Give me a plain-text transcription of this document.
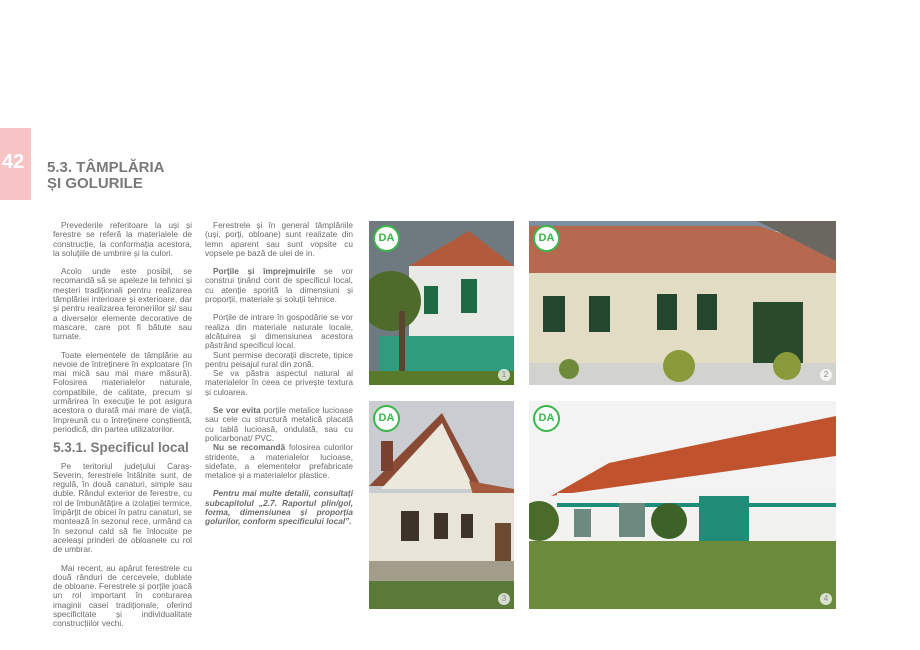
42 5.3. TÂMPLĂRIA
ȘI GOLURILE

Prevederile referitoare la uși și ferestre se referă la materialele de construcție, la conformația acestora, la soluțiile de umbrire și la culori.

Acolo unde este posibil, se recomandă să se apeleze la tehnici și meșteri tradiționali pentru realizarea tâmplăriei interioare și exterioare, dar și pentru realizarea feroneriilor și/ sau a diverselor elemente decorative de mascare, care pot fi bătute sau turnate.

Toate elementele de tâmplărie au nevoie de întreținere în exploatare (în mai mică sau mai mare măsură). Folosirea materialelor naturale, compatibile, de calitate, precum și urmărirea în execuție le pot asigura acestora o durată mai mare de viață, împreună cu o întreținere conștientă, periodică, din partea utilizatorilor.

5.3.1. Specificul local

Pe teritoriul județului Caraș-Severin, ferestrele întâlnite sunt, de regulă, în două canaturi, simple sau duble. Rândul exterior de ferestre, cu rol de îmbunătățire a izolației termice, împărțit de obicei în patru canaturi, se montează în sezonul rece, urmând ca în sezonul cald să fie înlocuite pe aceleași prinderi de obloanele cu rol de umbrar.

Mai recent, au apărut ferestrele cu două rânduri de cercevele, dublate de obloane. Ferestrele și porțile joacă un rol important în conturarea imaginii casei tradiționale, oferind specificitate și individualitate construcțiilor vechi.

Ferestrele și în general tâmplăriile (uși, porți, obloane) sunt realizate din lemn aparent sau sunt vopsite cu vopsele pe bază de ulei de in.

Porțile și împrejmuirile se vor construi ținând cont de specificul local, cu atenție sporită la dimensiuni și proporții, materiale și soluții tehnice.

Porțile de intrare în gospodărie se vor realiza din materiale naturale locale, alcătuirea și dimensiunea acestora păstrând specificul local.

Sunt permise decorații discrete, tipice pentru peisajul rural din zonă.

Se va păstra aspectul natural al materialelor în ceea ce privește textura și culoarea.

Se vor evita porțile metalice lucioase sau cele cu structură metalică placată cu tablă lucioasă, ondulată, sau cu policarbonat/ PVC.

Nu se recomandă folosirea culorilor stridente, a materialelor lucioase, sidefate, a elementelor prefabricate metalice și a materialelor plastice.

Pentru mai multe detalii, consultați subcapitolul „2.7. Raportul plin/gol, forma, dimensiunea și proporția golurilor, conform specificului local”.

DA
1
DA
2
DA
3
DA
4
